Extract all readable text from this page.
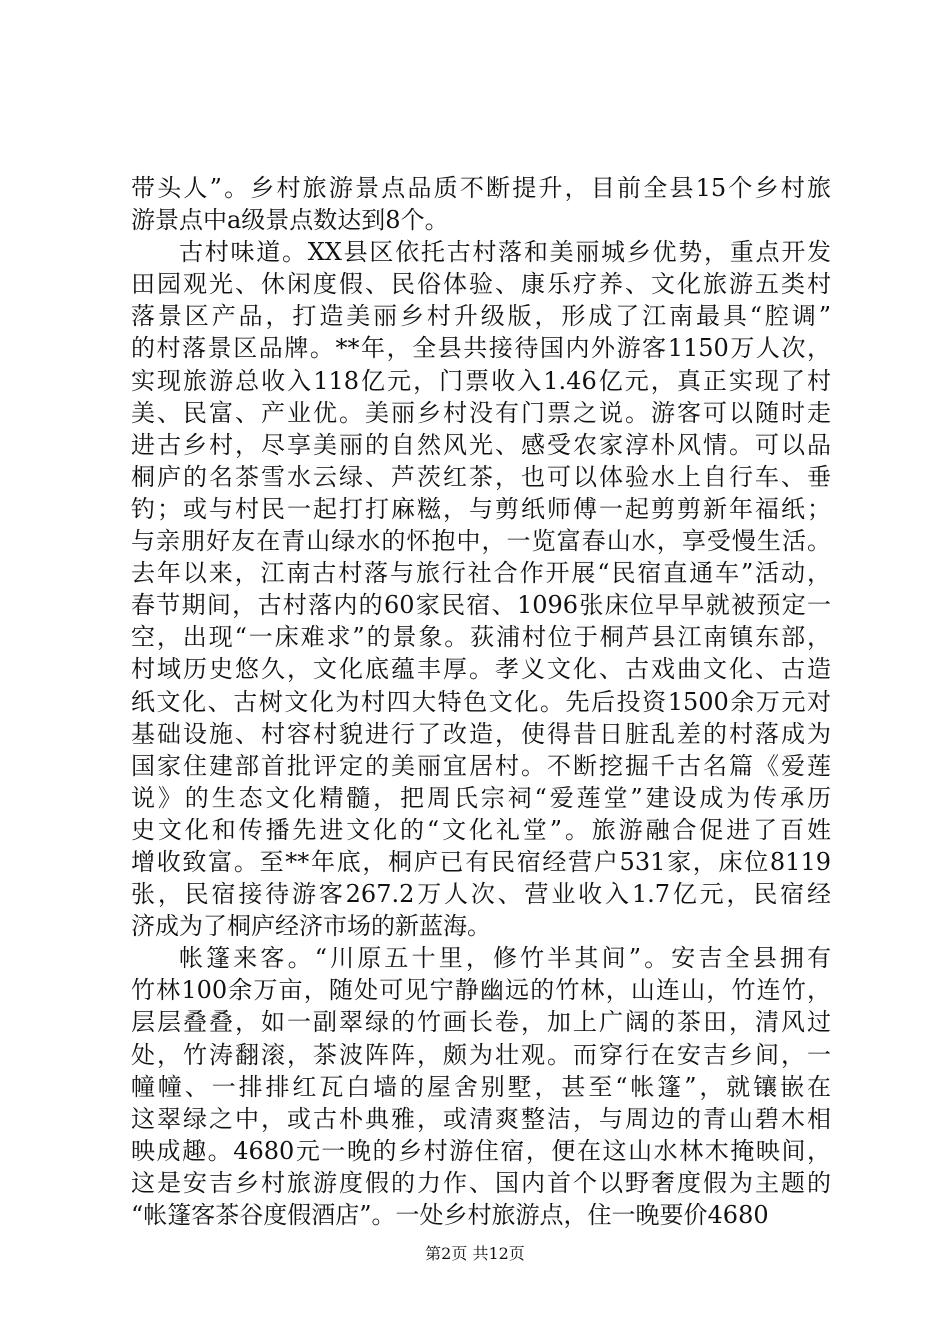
带头人”。乡村旅游景点品质不断提升，目前全县15个乡村旅
游景点中a级景点数达到8个。
古村味道。XX县区依托古村落和美丽城乡优势，重点开发
田园观光、休闲度假、民俗体验、康乐疗养、文化旅游五类村
落景区产品，打造美丽乡村升级版，形成了江南最具“腔调”
的村落景区品牌。**年，全县共接待国内外游客1150万人次，
实现旅游总收入118亿元，门票收入1.46亿元，真正实现了村
美、民富、产业优。美丽乡村没有门票之说。游客可以随时走
进古乡村，尽享美丽的自然风光、感受农家淳朴风情。可以品
桐庐的名茶雪水云绿、芦茨红茶，也可以体验水上自行车、垂
钓；或与村民一起打打麻糍，与剪纸师傅一起剪剪新年福纸；
与亲朋好友在青山绿水的怀抱中，一览富春山水，享受慢生活。
去年以来，江南古村落与旅行社合作开展“民宿直通车”活动，
春节期间，古村落内的60家民宿、1096张床位早早就被预定一
空，出现“一床难求”的景象。荻浦村位于桐芦县江南镇东部，
村域历史悠久，文化底蕴丰厚。孝义文化、古戏曲文化、古造
纸文化、古树文化为村四大特色文化。先后投资1500余万元对
基础设施、村容村貌进行了改造，使得昔日脏乱差的村落成为
国家住建部首批评定的美丽宜居村。不断挖掘千古名篇《爱莲
说》的生态文化精髓，把周氏宗祠“爱莲堂”建设成为传承历
史文化和传播先进文化的“文化礼堂”。旅游融合促进了百姓
增收致富。至**年底，桐庐已有民宿经营户531家，床位8119
张，民宿接待游客267.2万人次、营业收入1.7亿元，民宿经
济成为了桐庐经济市场的新蓝海。
帐篷来客。“川原五十里，修竹半其间”。安吉全县拥有
竹林100余万亩，随处可见宁静幽远的竹林，山连山，竹连竹，
层层叠叠，如一副翠绿的竹画长卷，加上广阔的茶田，清风过
处，竹涛翻滚，茶波阵阵，颇为壮观。而穿行在安吉乡间，一
幢幢、一排排红瓦白墙的屋舍别墅，甚至“帐篷”，就镶嵌在
这翠绿之中，或古朴典雅，或清爽整洁，与周边的青山碧木相
映成趣。4680元一晚的乡村游住宿，便在这山水林木掩映间，
这是安吉乡村旅游度假的力作、国内首个以野奢度假为主题的
“帐篷客茶谷度假酒店”。一处乡村旅游点，住一晚要价4680
第2页 共12页
